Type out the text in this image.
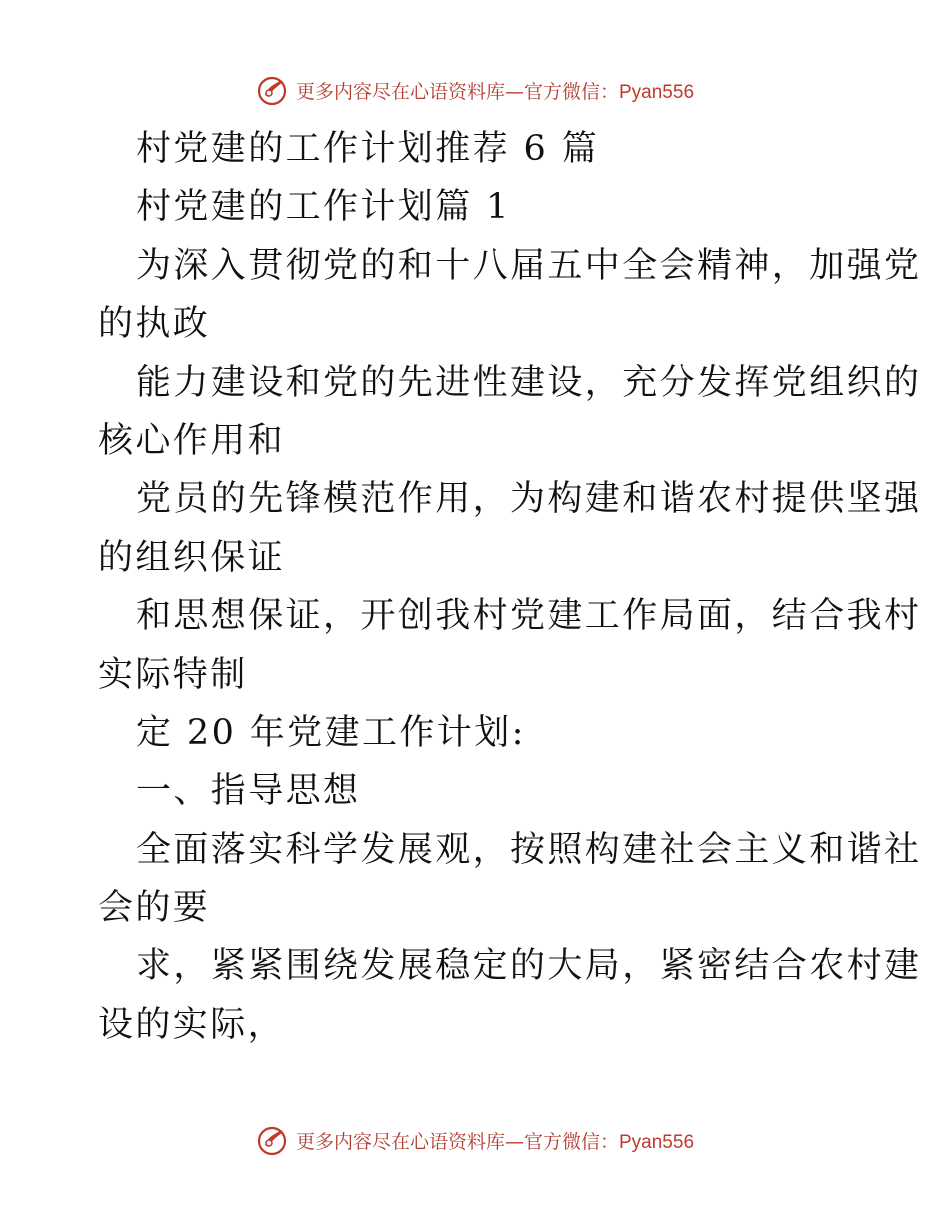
更多内容尽在心语资料库—官方微信：Pyan556
村党建的工作计划推荐 6 篇
村党建的工作计划篇 1
为深入贯彻党的和十八届五中全会精神，加强党
的执政
能力建设和党的先进性建设，充分发挥党组织的
核心作用和
党员的先锋模范作用，为构建和谐农村提供坚强
的组织保证
和思想保证，开创我村党建工作局面，结合我村
实际特制
定 20 年党建工作计划:
一、指导思想
全面落实科学发展观，按照构建社会主义和谐社
会的要
求，紧紧围绕发展稳定的大局，紧密结合农村建
设的实际，
更多内容尽在心语资料库—官方微信：Pyan556
